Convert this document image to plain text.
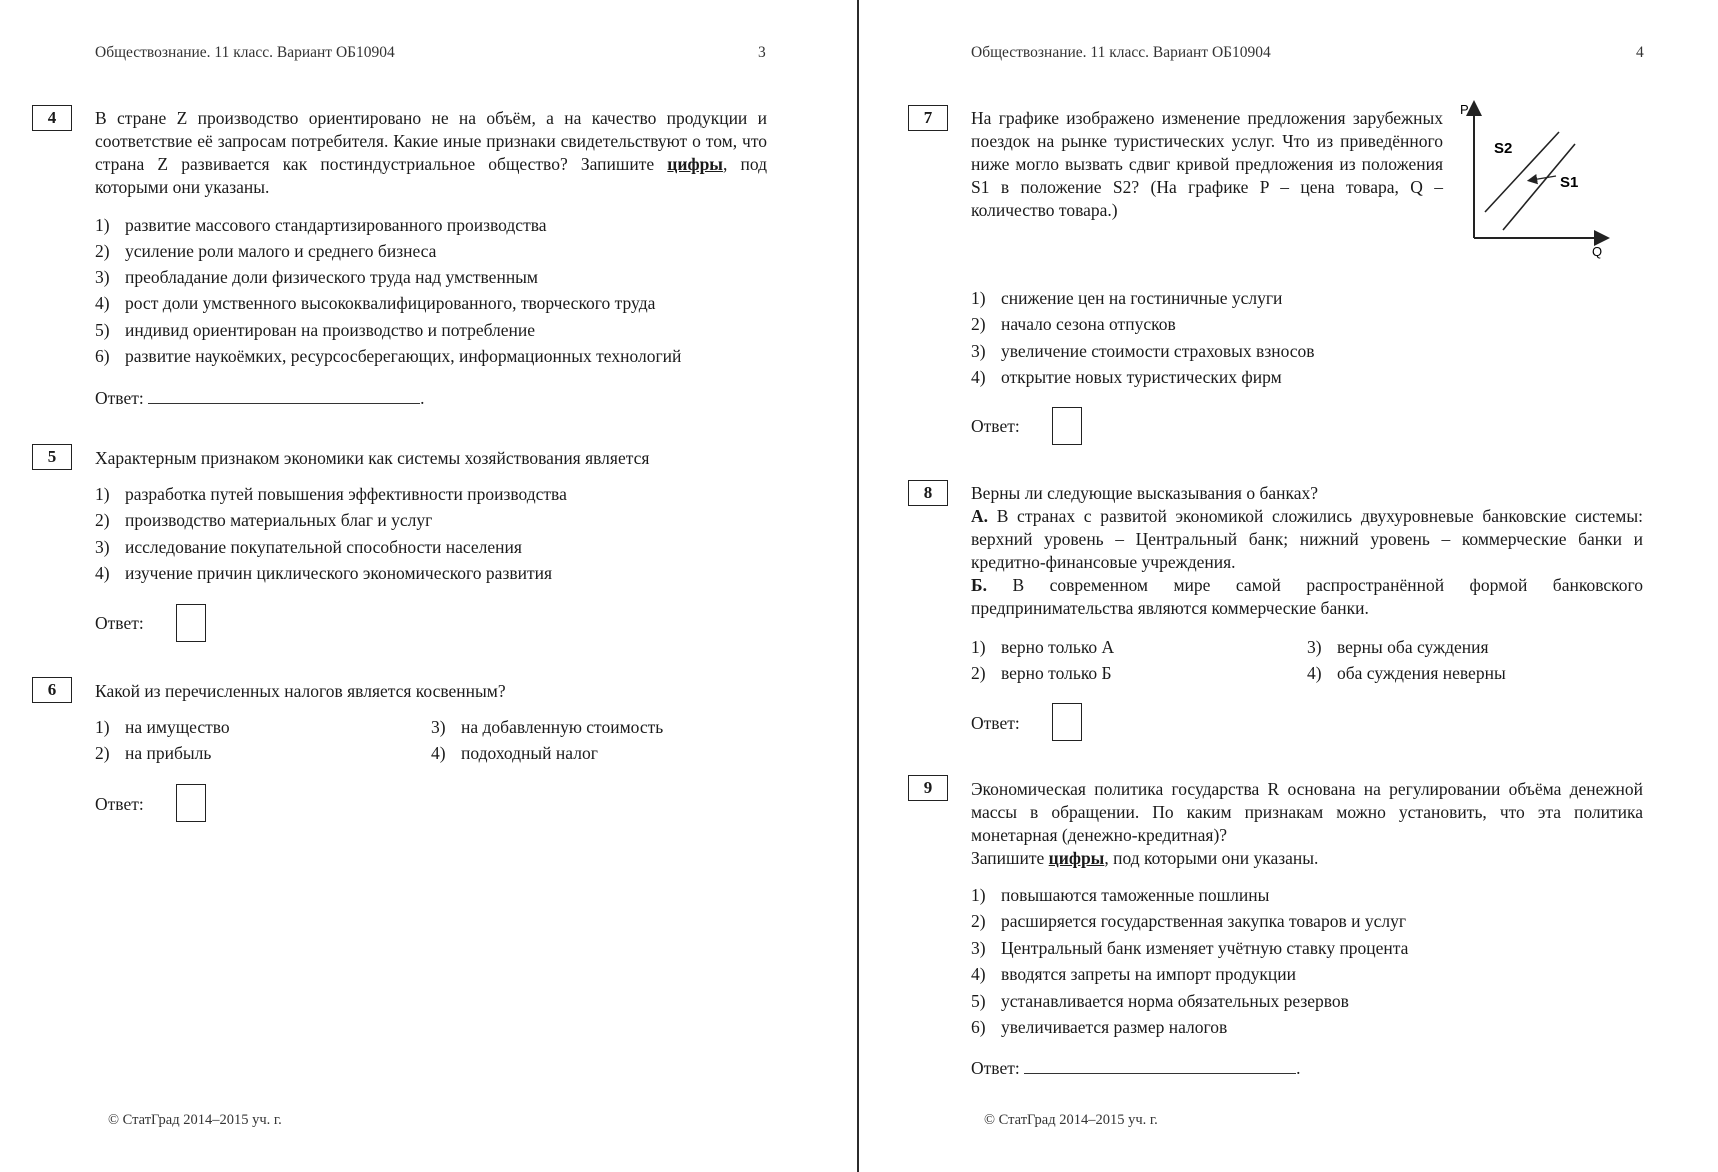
Обществознание. 11 класс. Вариант ОБ10904	3
4	В стране Z производство ориентировано не на объём, а на качество продукции и соответствие её запросам потребителя. Какие иные признаки свидетельствуют о том, что страна Z развивается как постиндустриальное общество? Запишите цифры, под которыми они указаны.
1) развитие массового стандартизированного производства
2) усиление роли малого и среднего бизнеса
3) преобладание доли физического труда над умственным
4) рост доли умственного высококвалифицированного, творческого труда
5) индивид ориентирован на производство и потребление
6) развитие наукоёмких, ресурсосберегающих, информационных технологий
Ответ:	.
5	Характерным признаком экономики как системы хозяйствования является
1) разработка путей повышения эффективности производства
2) производство материальных благ и услуг
3) исследование покупательной способности населения
4) изучение причин циклического экономического развития
Ответ:
6	Какой из перечисленных налогов является косвенным?
1) на имущество
2) на прибыль
3) на добавленную стоимость
4) подоходный налог
Ответ:
© СтатГрад 2014–2015 уч. г.
Обществознание. 11 класс. Вариант ОБ10904	4
7	На графике изображено изменение предложения зарубежных поездок на рынке туристических услуг. Что из приведённого ниже могло вызвать сдвиг кривой предложения из положения S1 в положение S2? (На графике P – цена товара, Q – количество товара.)
P
Q
S2
S1
1) снижение цен на гостиничные услуги
2) начало сезона отпусков
3) увеличение стоимости страховых взносов
4) открытие новых туристических фирм
Ответ:
8	Верны ли следующие высказывания о банках?
А. В странах с развитой экономикой сложились двухуровневые банковские системы: верхний уровень – Центральный банк; нижний уровень – коммерческие банки и кредитно-финансовые учреждения.
Б. В современном мире самой распространённой формой банковского предпринимательства являются коммерческие банки.
1) верно только А
2) верно только Б
3) верны оба суждения
4) оба суждения неверны
Ответ:
9	Экономическая политика государства R основана на регулировании объёма денежной массы в обращении. По каким признакам можно установить, что эта политика монетарная (денежно-кредитная)?
Запишите цифры, под которыми они указаны.
1) повышаются таможенные пошлины
2) расширяется государственная закупка товаров и услуг
3) Центральный банк изменяет учётную ставку процента
4) вводятся запреты на импорт продукции
5) устанавливается норма обязательных резервов
6) увеличивается размер налогов
Ответ:	.
© СтатГрад 2014–2015 уч. г.
